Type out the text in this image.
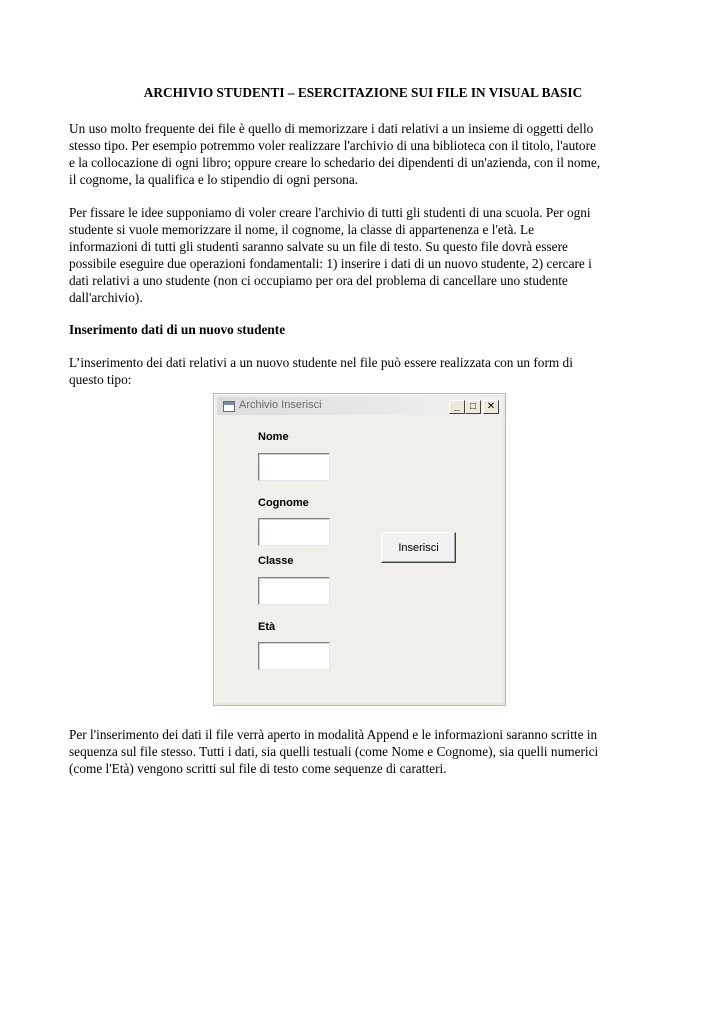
ARCHIVIO STUDENTI – ESERCITAZIONE SUI FILE IN VISUAL BASIC
Un uso molto frequente dei file è quello di memorizzare i dati relativi a un insieme di oggetti dello
stesso tipo. Per esempio potremmo voler realizzare l'archivio di una biblioteca con il titolo, l'autore
e la collocazione di ogni libro; oppure creare lo schedario dei dipendenti di un'azienda, con il nome,
il cognome, la qualifica e lo stipendio di ogni persona.
Per fissare le idee supponiamo di voler creare l'archivio di tutti gli studenti di una scuola. Per ogni
studente si vuole memorizzare il nome, il cognome, la classe di appartenenza e l'età. Le
informazioni di tutti gli studenti saranno salvate su un file di testo. Su questo file dovrà essere
possibile eseguire due operazioni fondamentali: 1) inserire i dati di un nuovo studente, 2) cercare i
dati relativi a uno studente (non ci occupiamo per ora del problema di cancellare uno studente
dall'archivio).
Inserimento dati di un nuovo studente
L’inserimento dei dati relativi a un nuovo studente nel file può essere realizzata con un form di
questo tipo:
Per l'inserimento dei dati il file verrà aperto in modalità Append e le informazioni saranno scritte in
sequenza sul file stesso. Tutti i dati, sia quelli testuali (come Nome e Cognome), sia quelli numerici
(come l'Età) vengono scritti sul file di testo come sequenze di caratteri.
Archivio Inserisci	_	□	✕
Nome
Cognome
Classe
Età
Inserisci
